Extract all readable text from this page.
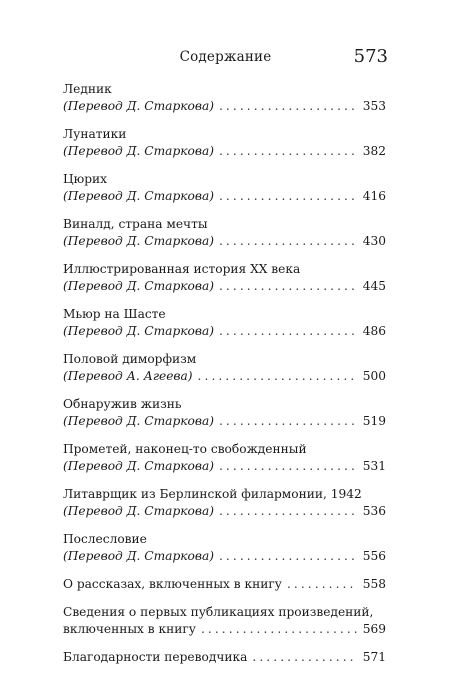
Содержание	573
Ледник
(Перевод Д. Старкова) . . .	353
Лунатики
(Перевод Д. Старкова) . . .	382
Цюрих
(Перевод Д. Старкова) . . .	416
Виналд, страна мечты
(Перевод Д. Старкова) . . .	430
Иллюстрированная история XX века
(Перевод Д. Старкова) . . .	445
Мьюр на Шасте
(Перевод Д. Старкова) . . .	486
Половой диморфизм
(Перевод А. Агеева) . . .	500
Обнаружив жизнь
(Перевод Д. Старкова) . . .	519
Прометей, наконец-то свобожденный
(Перевод Д. Старкова) . . .	531
Литаврщик из Берлинской филармонии, 1942
(Перевод Д. Старкова) . . .	536
Послесловие
(Перевод Д. Старкова) . . .	556
О рассказах, включенных в книгу . . .	558
Сведения о первых публикациях произведений,
включенных в книгу . . .	569
Благодарности переводчика . . .	571
